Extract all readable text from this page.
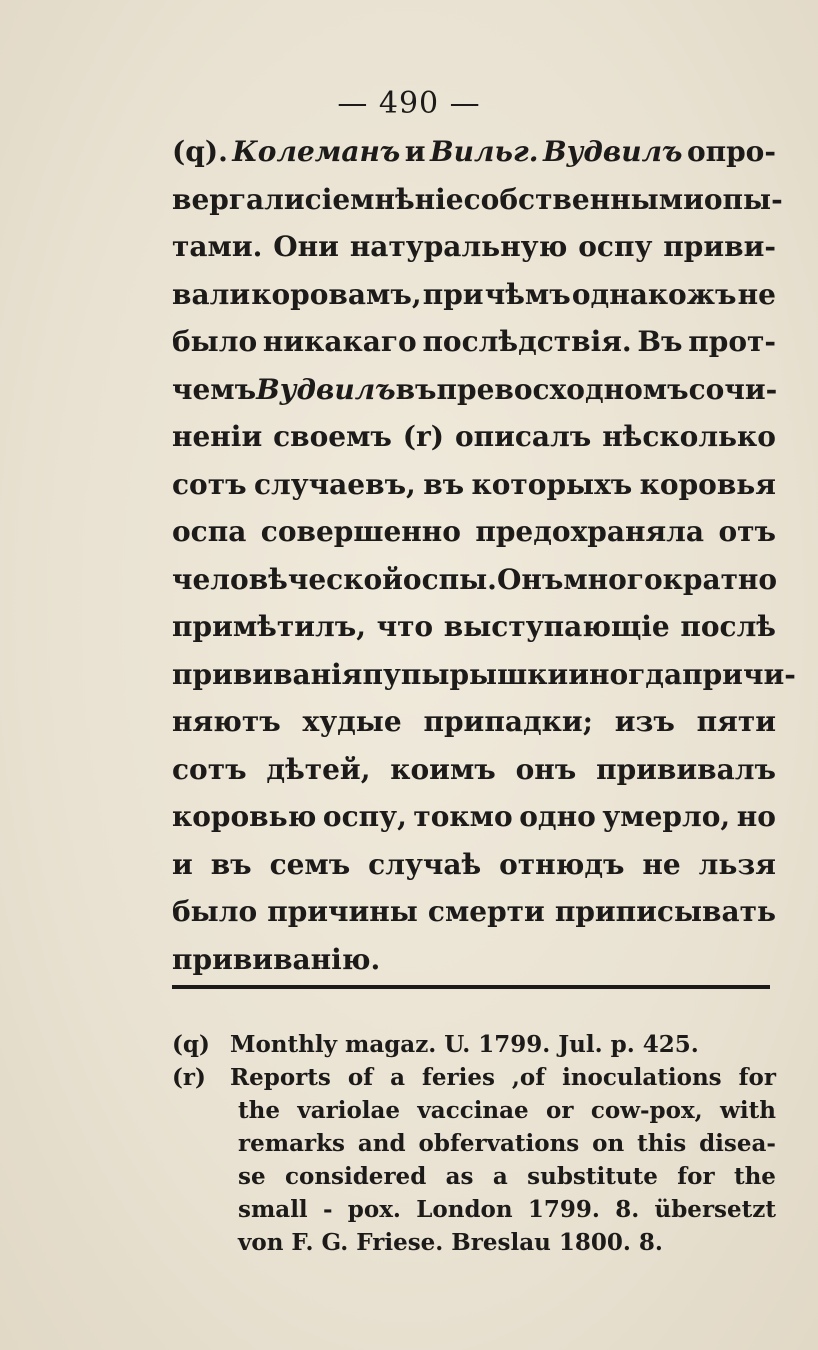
— 490 —
(q). Колеманъ и Вильг. Вудвилъ опро-
вергали сіе мнѣніе собственными опы-
тами. Они натуральную оспу приви-
вали коровамъ, при чѣмъ однакожъ не
было никакаго послѣдствія. Въ прот-
чемъ Вудвилъ въ превосходномъ сочи-
неніи своемъ (r) описалъ нѣсколько
сотъ случаевъ, въ которыхъ коровья
оспа совершенно предохраняла отъ
человѣческой оспы. Онъ многократно
примѣтилъ, что выступающіе послѣ
прививанія пупырышки иногда причи-
няютъ худые припадки; изъ пяти
сотъ дѣтей, коимъ онъ прививалъ
коровью оспу, токмо одно умерло, но
и въ семъ случаѣ отнюдъ не льзя
было причины смерти приписывать
прививанію.
(q) Monthly magaz. U. 1799. Jul. p. 425.
(r)	Reports of a feries ,of inoculations for
the variolae vaccinae or cow-pox, with
remarks and obfervations on this disea-
se considered as a substitute for the
small - pox. London 1799. 8. übersetzt
von F. G. Friese. Breslau 1800. 8.
